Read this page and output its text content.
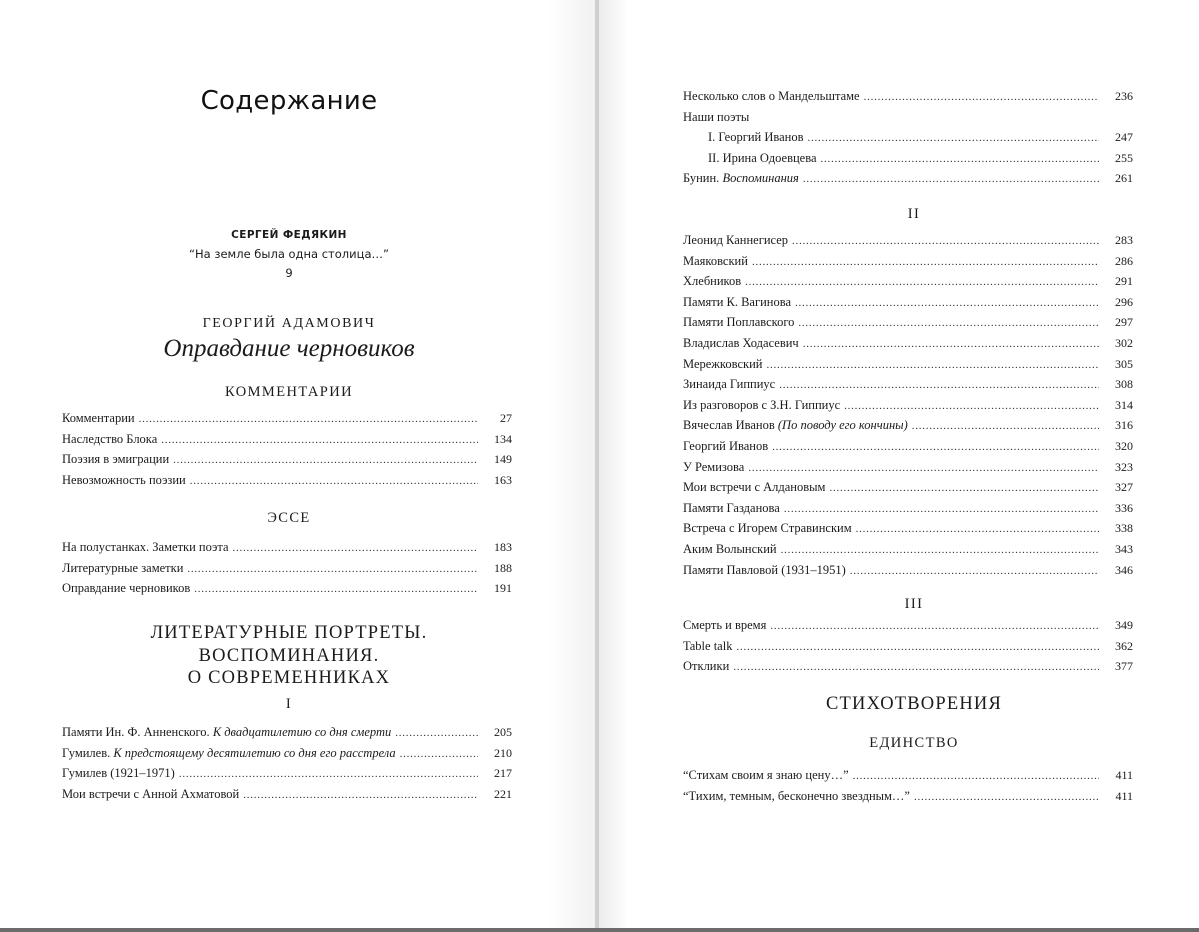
Содержание
СЕРГЕЙ ФЕДЯКИН
“На земле была одна столица…”
9
ГЕОРГИЙ АДАМОВИЧ
Оправдание черновиков
КОММЕНТАРИИ
Комментарии . . .	27
Наследство Блока . . .	134
Поэзия в эмиграции . . .	149
Невозможность поэзии . . .	163
ЭССЕ
На полустанках. Заметки поэта . . .	183
Литературные заметки . . .	188
Оправдание черновиков . . .	191
ЛИТЕРАТУРНЫЕ ПОРТРЕТЫ.
ВОСПОМИНАНИЯ.
О СОВРЕМЕННИКАХ
I
Памяти Ин. Ф. Анненского. К двадцатилетию со дня смерти . . .	205
Гумилев. К предстоящему десятилетию со дня его расстрела . . .	210
Гумилев (1921–1971) . . .	217
Мои встречи с Анной Ахматовой . . .	221
Несколько слов о Мандельштаме . . .	236
Наши поэты
I. Георгий Иванов . . .	247
II. Ирина Одоевцева . . .	255
Бунин. Воспоминания . . .	261
II
Леонид Каннегисер . . .	283
Маяковский . . .	286
Хлебников . . .	291
Памяти К. Вагинова . . .	296
Памяти Поплавского . . .	297
Владислав Ходасевич . . .	302
Мережковский . . .	305
Зинаида Гиппиус . . .	308
Из разговоров с З.Н. Гиппиус . . .	314
Вячеслав Иванов (По поводу его кончины) . . .	316
Георгий Иванов . . .	320
У Ремизова . . .	323
Мои встречи с Алдановым . . .	327
Памяти Газданова . . .	336
Встреча с Игорем Стравинским . . .	338
Аким Волынский . . .	343
Памяти Павловой (1931–1951) . . .	346
III
Смерть и время . . .	349
Table talk . . .	362
Отклики . . .	377
СТИХОТВОРЕНИЯ
ЕДИНСТВО
“Стихам своим я знаю цену…” . . .	411
“Тихим, темным, бесконечно звездным…” . . .	411
